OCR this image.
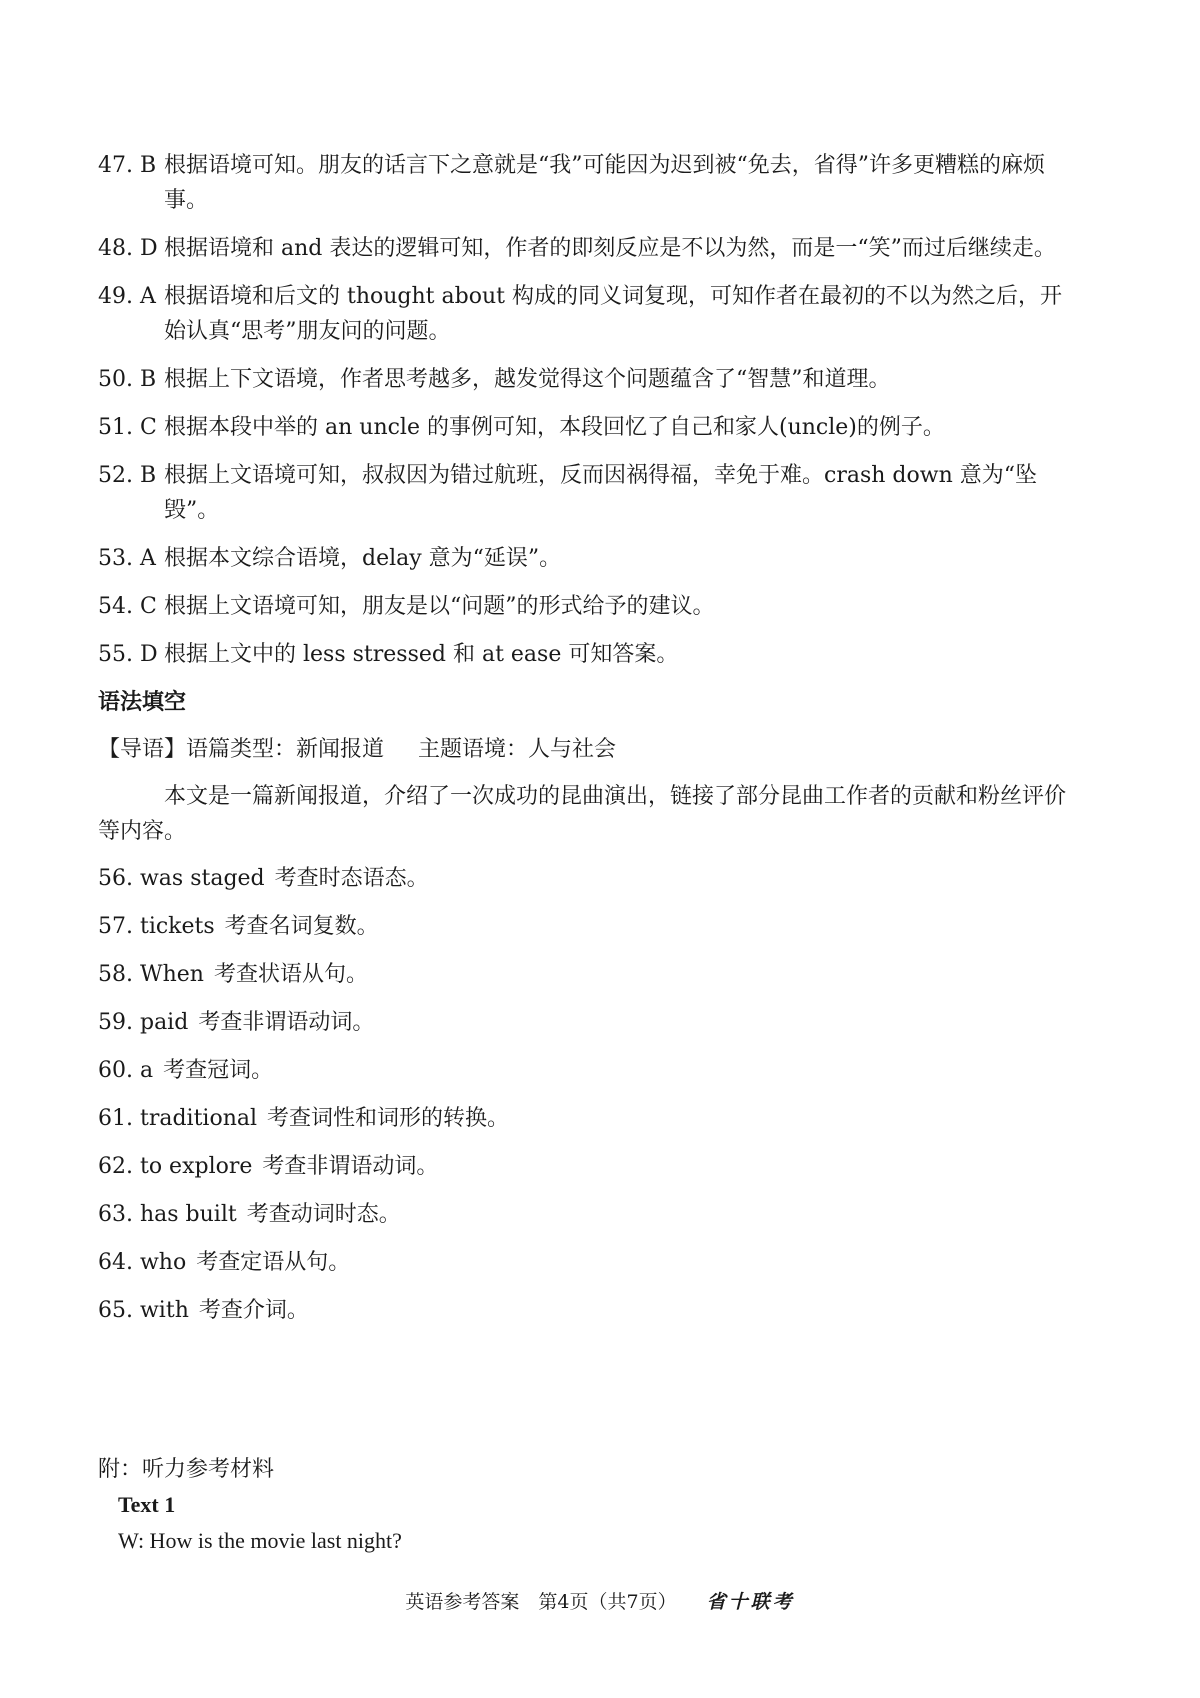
47. B 根据语境可知。朋友的话言下之意就是“我”可能因为迟到被“免去，省得”许多更糟糕的麻烦事。
48. D 根据语境和 and 表达的逻辑可知，作者的即刻反应是不以为然，而是一“笑”而过后继续走。
49. A 根据语境和后文的 thought about 构成的同义词复现，可知作者在最初的不以为然之后，开始认真“思考”朋友问的问题。
50. B 根据上下文语境，作者思考越多，越发觉得这个问题蕴含了“智慧”和道理。
51. C 根据本段中举的 an uncle 的事例可知，本段回忆了自己和家人(uncle)的例子。
52. B 根据上文语境可知，叔叔因为错过航班，反而因祸得福，幸免于难。crash down 意为“坠毁”。
53. A 根据本文综合语境，delay 意为“延误”。
54. C 根据上文语境可知，朋友是以“问题”的形式给予的建议。
55. D 根据上文中的 less stressed 和 at ease 可知答案。
语法填空
【导语】语篇类型：新闻报道 主题语境：人与社会
本文是一篇新闻报道，介绍了一次成功的昆曲演出，链接了部分昆曲工作者的贡献和粉丝评价等内容。
56. was staged 考查时态语态。
57. tickets 考查名词复数。
58. When 考查状语从句。
59. paid 考查非谓语动词。
60. a 考查冠词。
61. traditional 考查词性和词形的转换。
62. to explore 考查非谓语动词。
63. has built 考查动词时态。
64. who 考查定语从句。
65. with 考查介词。
附：听力参考材料
Text 1
W: How is the movie last night?
英语参考答案　第4页（共7页） 省十联考
